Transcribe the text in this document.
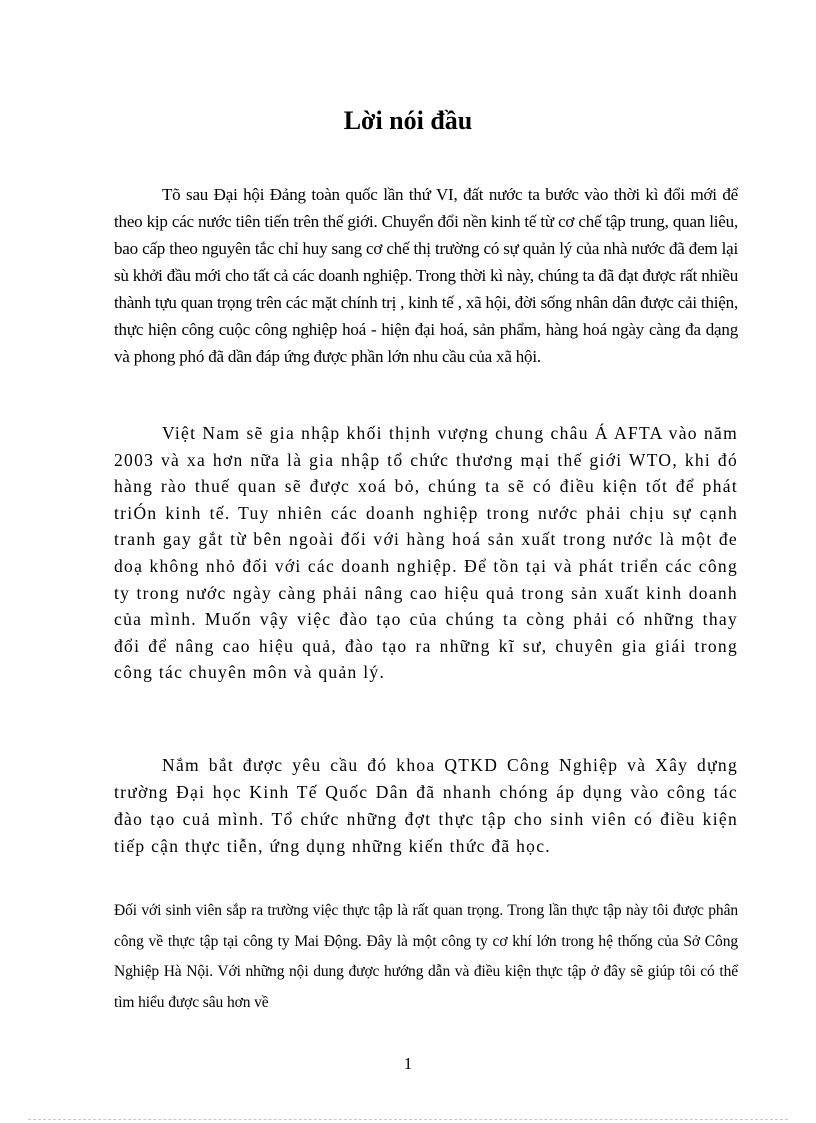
Lời nói đầu

Tõ sau Đại hội Đảng toàn quốc lần thứ VI, đất nước ta bước vào thời kì đổi mới để theo kịp các nước tiên tiến trên thế giới. Chuyển đổi nền kinh tế từ cơ chế tập trung, quan liêu, bao cấp theo nguyên tắc chỉ huy sang cơ chế thị trường có sự quản lý của nhà nước đã đem lại sù khởi đầu mới cho tất cả các doanh nghiệp. Trong thời kì này, chúng ta đã đạt được rất nhiều thành tựu quan trọng trên các mặt chính trị , kinh tế , xã hội, đời sống nhân dân được cải thiện, thực hiện công cuộc công nghiệp hoá - hiện đại hoá, sản phẩm, hàng hoá ngày càng đa dạng và phong phó đã dần đáp ứng được phần lớn nhu cầu của xã hội.

Việt Nam sẽ gia nhập khối thịnh vượng chung châu Á AFTA vào năm 2003 và xa hơn nữa là gia nhập tổ chức thương mại thế giới WTO, khi đó hàng rào thuế quan sẽ được xoá bỏ, chúng ta sẽ có điều kiện tốt để phát triÓn kinh tế. Tuy nhiên các doanh nghiệp trong nước phải chịu sự cạnh tranh gay gắt từ bên ngoài đối với hàng hoá sản xuất trong nước là một đe doạ không nhỏ đối với các doanh nghiệp. Để tồn tại và phát triển các công ty trong nước ngày càng phải nâng cao hiệu quả trong sản xuất kinh doanh của mình. Muốn vậy việc đào tạo của chúng ta còng phải có những thay đổi để nâng cao hiệu quả, đào tạo ra những kĩ sư, chuyên gia giái trong công tác chuyên môn và quản lý.

Nắm bắt được yêu cầu đó khoa QTKD Công Nghiệp và Xây dựng trường Đại học Kinh Tế Quốc Dân đã nhanh chóng áp dụng vào công tác đào tạo cuả mình. Tổ chức những đợt thực tập cho sinh viên có điều kiện tiếp cận thực tiễn, ứng dụng những kiến thức đã học.

Đối với sinh viên sắp ra trường việc thực tập là rất quan trọng. Trong lần thực tập này tôi được phân công về thực tập tại công ty Mai Động. Đây là một công ty cơ khí lớn trong hệ thống của Sở Công Nghiệp Hà Nội. Với những nội dung được hướng dẫn và điều kiện thực tập ở đây sẽ giúp tôi có thể tìm hiểu được sâu hơn về

1
